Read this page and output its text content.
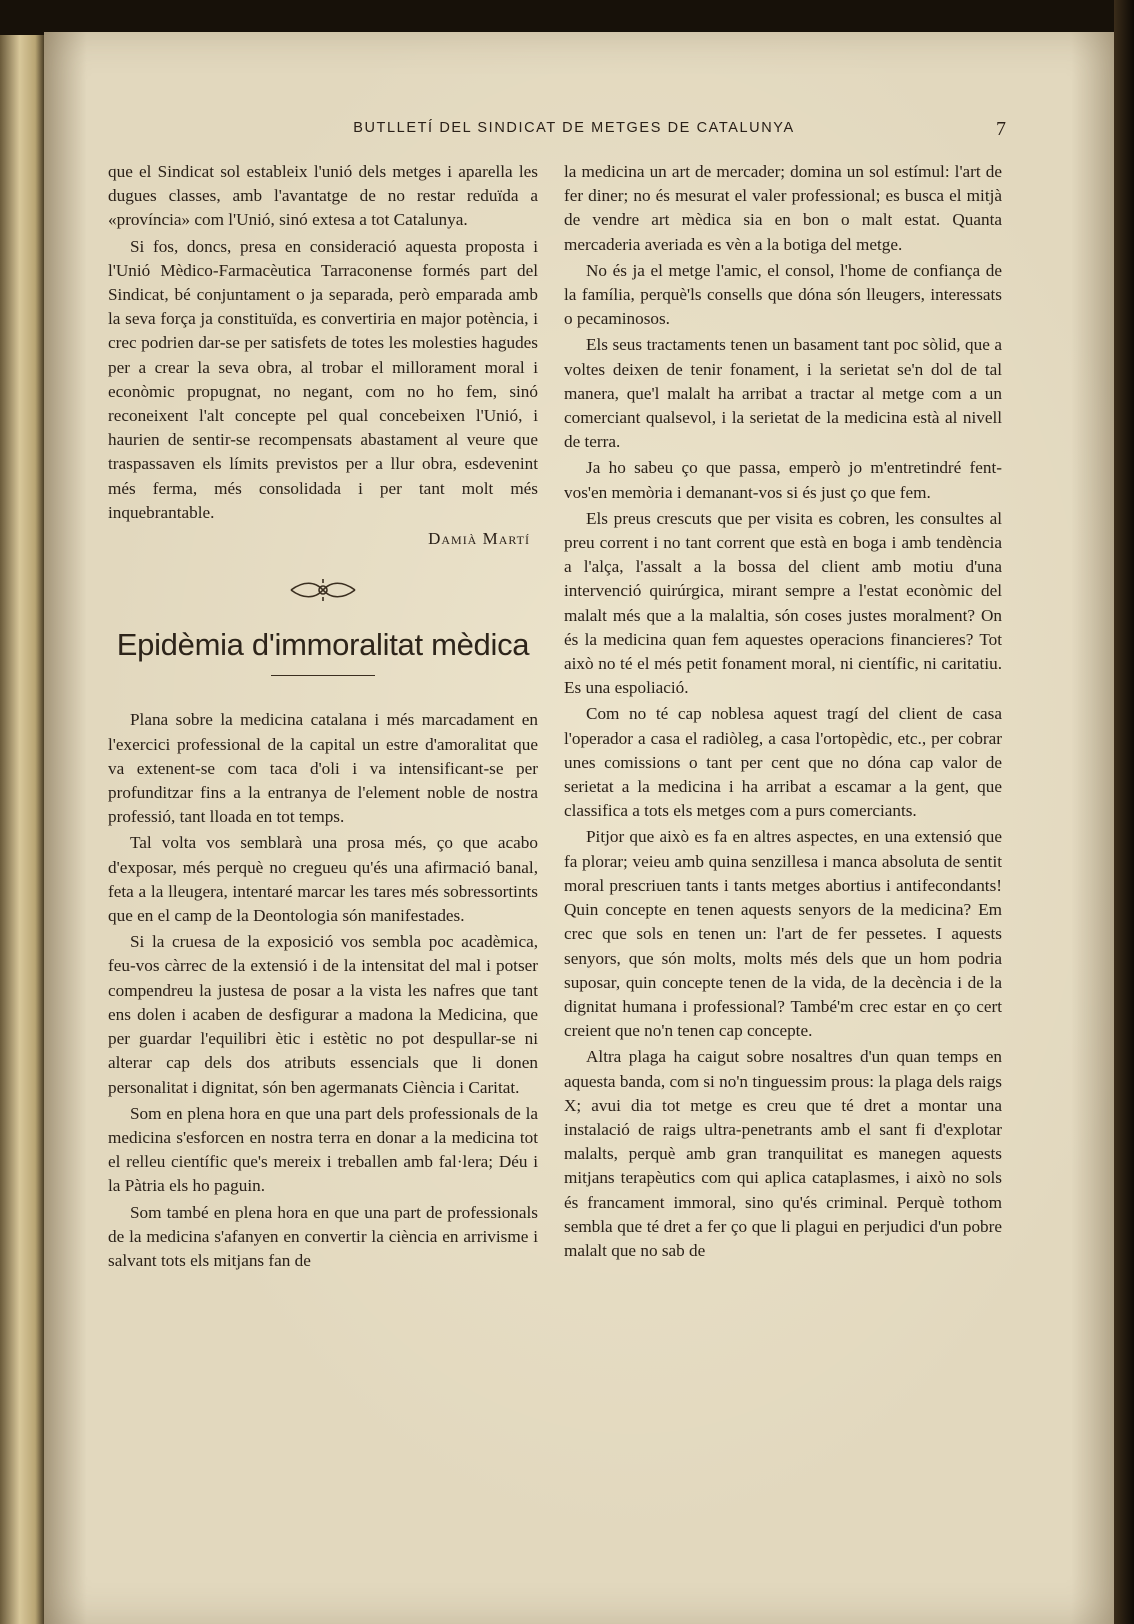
BUTLLETÍ DEL SINDICAT DE METGES DE CATALUNYA	7

que el Sindicat sol estableix l'unió dels metges i aparella les dugues classes, amb l'avantatge de no restar reduïda a «província» com l'Unió, sinó extesa a tot Catalunya.

Si fos, doncs, presa en consideració aquesta proposta i l'Unió Mèdico-Farmacèutica Tarraconense formés part del Sindicat, bé conjuntament o ja separada, però emparada amb la seva força ja constituïda, es convertiria en major potència, i crec podrien dar-se per satisfets de totes les molesties hagudes per a crear la seva obra, al trobar el millorament moral i econòmic propugnat, no negant, com no ho fem, sinó reconeixent l'alt concepte pel qual concebeixen l'Unió, i haurien de sentir-se recompensats abastament al veure que traspassaven els límits previstos per a llur obra, esdevenint més ferma, més consolidada i per tant molt més inquebrantable.

Damià Martí
Epidèmia d'immoralitat mèdica

Plana sobre la medicina catalana i més marcadament en l'exercici professional de la capital un estre d'amoralitat que va extenent-se com taca d'oli i va intensificant-se per profunditzar fins a la entranya de l'element noble de nostra professió, tant lloada en tot temps.

Tal volta vos semblarà una prosa més, ço que acabo d'exposar, més perquè no cregueu qu'és una afirmació banal, feta a la lleugera, intentaré marcar les tares més sobressortints que en el camp de la Deontologia són manifestades.

Si la cruesa de la exposició vos sembla poc acadèmica, feu-vos càrrec de la extensió i de la intensitat del mal i potser compendreu la justesa de posar a la vista les nafres que tant ens dolen i acaben de desfigurar a madona la Medicina, que per guardar l'equilibri ètic i estètic no pot despullar-se ni alterar cap dels dos atributs essencials que li donen personalitat i dignitat, són ben agermanats Ciència i Caritat.

Som en plena hora en que una part dels professionals de la medicina s'esforcen en nostra terra en donar a la medicina tot el relleu científic que's mereix i treballen amb fal·lera; Déu i la Pàtria els ho paguin.

Som també en plena hora en que una part de professionals de la medicina s'afanyen en convertir la ciència en arrivisme i salvant tots els mitjans fan de

la medicina un art de mercader; domina un sol estímul: l'art de fer diner; no és mesurat el valer professional; es busca el mitjà de vendre art mèdica sia en bon o malt estat. Quanta mercaderia averiada es vèn a la botiga del metge.

No és ja el metge l'amic, el consol, l'home de confiança de la família, perquè'ls consells que dóna són lleugers, interessats o pecaminosos.

Els seus tractaments tenen un basament tant poc sòlid, que a voltes deixen de tenir fonament, i la serietat se'n dol de tal manera, que'l malalt ha arribat a tractar al metge com a un comerciant qualsevol, i la serietat de la medicina està al nivell de terra.

Ja ho sabeu ço que passa, emperò jo m'entretindré fent-vos'en memòria i demanant-vos si és just ço que fem.

Els preus crescuts que per visita es cobren, les consultes al preu corrent i no tant corrent que està en boga i amb tendència a l'alça, l'assalt a la bossa del client amb motiu d'una intervenció quirúrgica, mirant sempre a l'estat econòmic del malalt més que a la malaltia, són coses justes moralment? On és la medicina quan fem aquestes operacions financieres? Tot això no té el més petit fonament moral, ni científic, ni caritatiu. Es una espoliació.

Com no té cap noblesa aquest tragí del client de casa l'operador a casa el radiòleg, a casa l'ortopèdic, etc., per cobrar unes comissions o tant per cent que no dóna cap valor de serietat a la medicina i ha arribat a escamar a la gent, que classifica a tots els metges com a purs comerciants.

Pitjor que això es fa en altres aspectes, en una extensió que fa plorar; veieu amb quina senzillesa i manca absoluta de sentit moral prescriuen tants i tants metges abortius i antifecondants! Quin concepte en tenen aquests senyors de la medicina? Em crec que sols en tenen un: l'art de fer pessetes. I aquests senyors, que són molts, molts més dels que un hom podria suposar, quin concepte tenen de la vida, de la decència i de la dignitat humana i professional? També'm crec estar en ço cert creient que no'n tenen cap concepte.

Altra plaga ha caigut sobre nosaltres d'un quan temps en aquesta banda, com si no'n tinguessim prous: la plaga dels raigs X; avui dia tot metge es creu que té dret a montar una instalació de raigs ultra-penetrants amb el sant fi d'explotar malalts, perquè amb gran tranquilitat es manegen aquests mitjans terapèutics com qui aplica cataplasmes, i això no sols és francament immoral, sino qu'és criminal. Perquè tothom sembla que té dret a fer ço que li plagui en perjudici d'un pobre malalt que no sab de
